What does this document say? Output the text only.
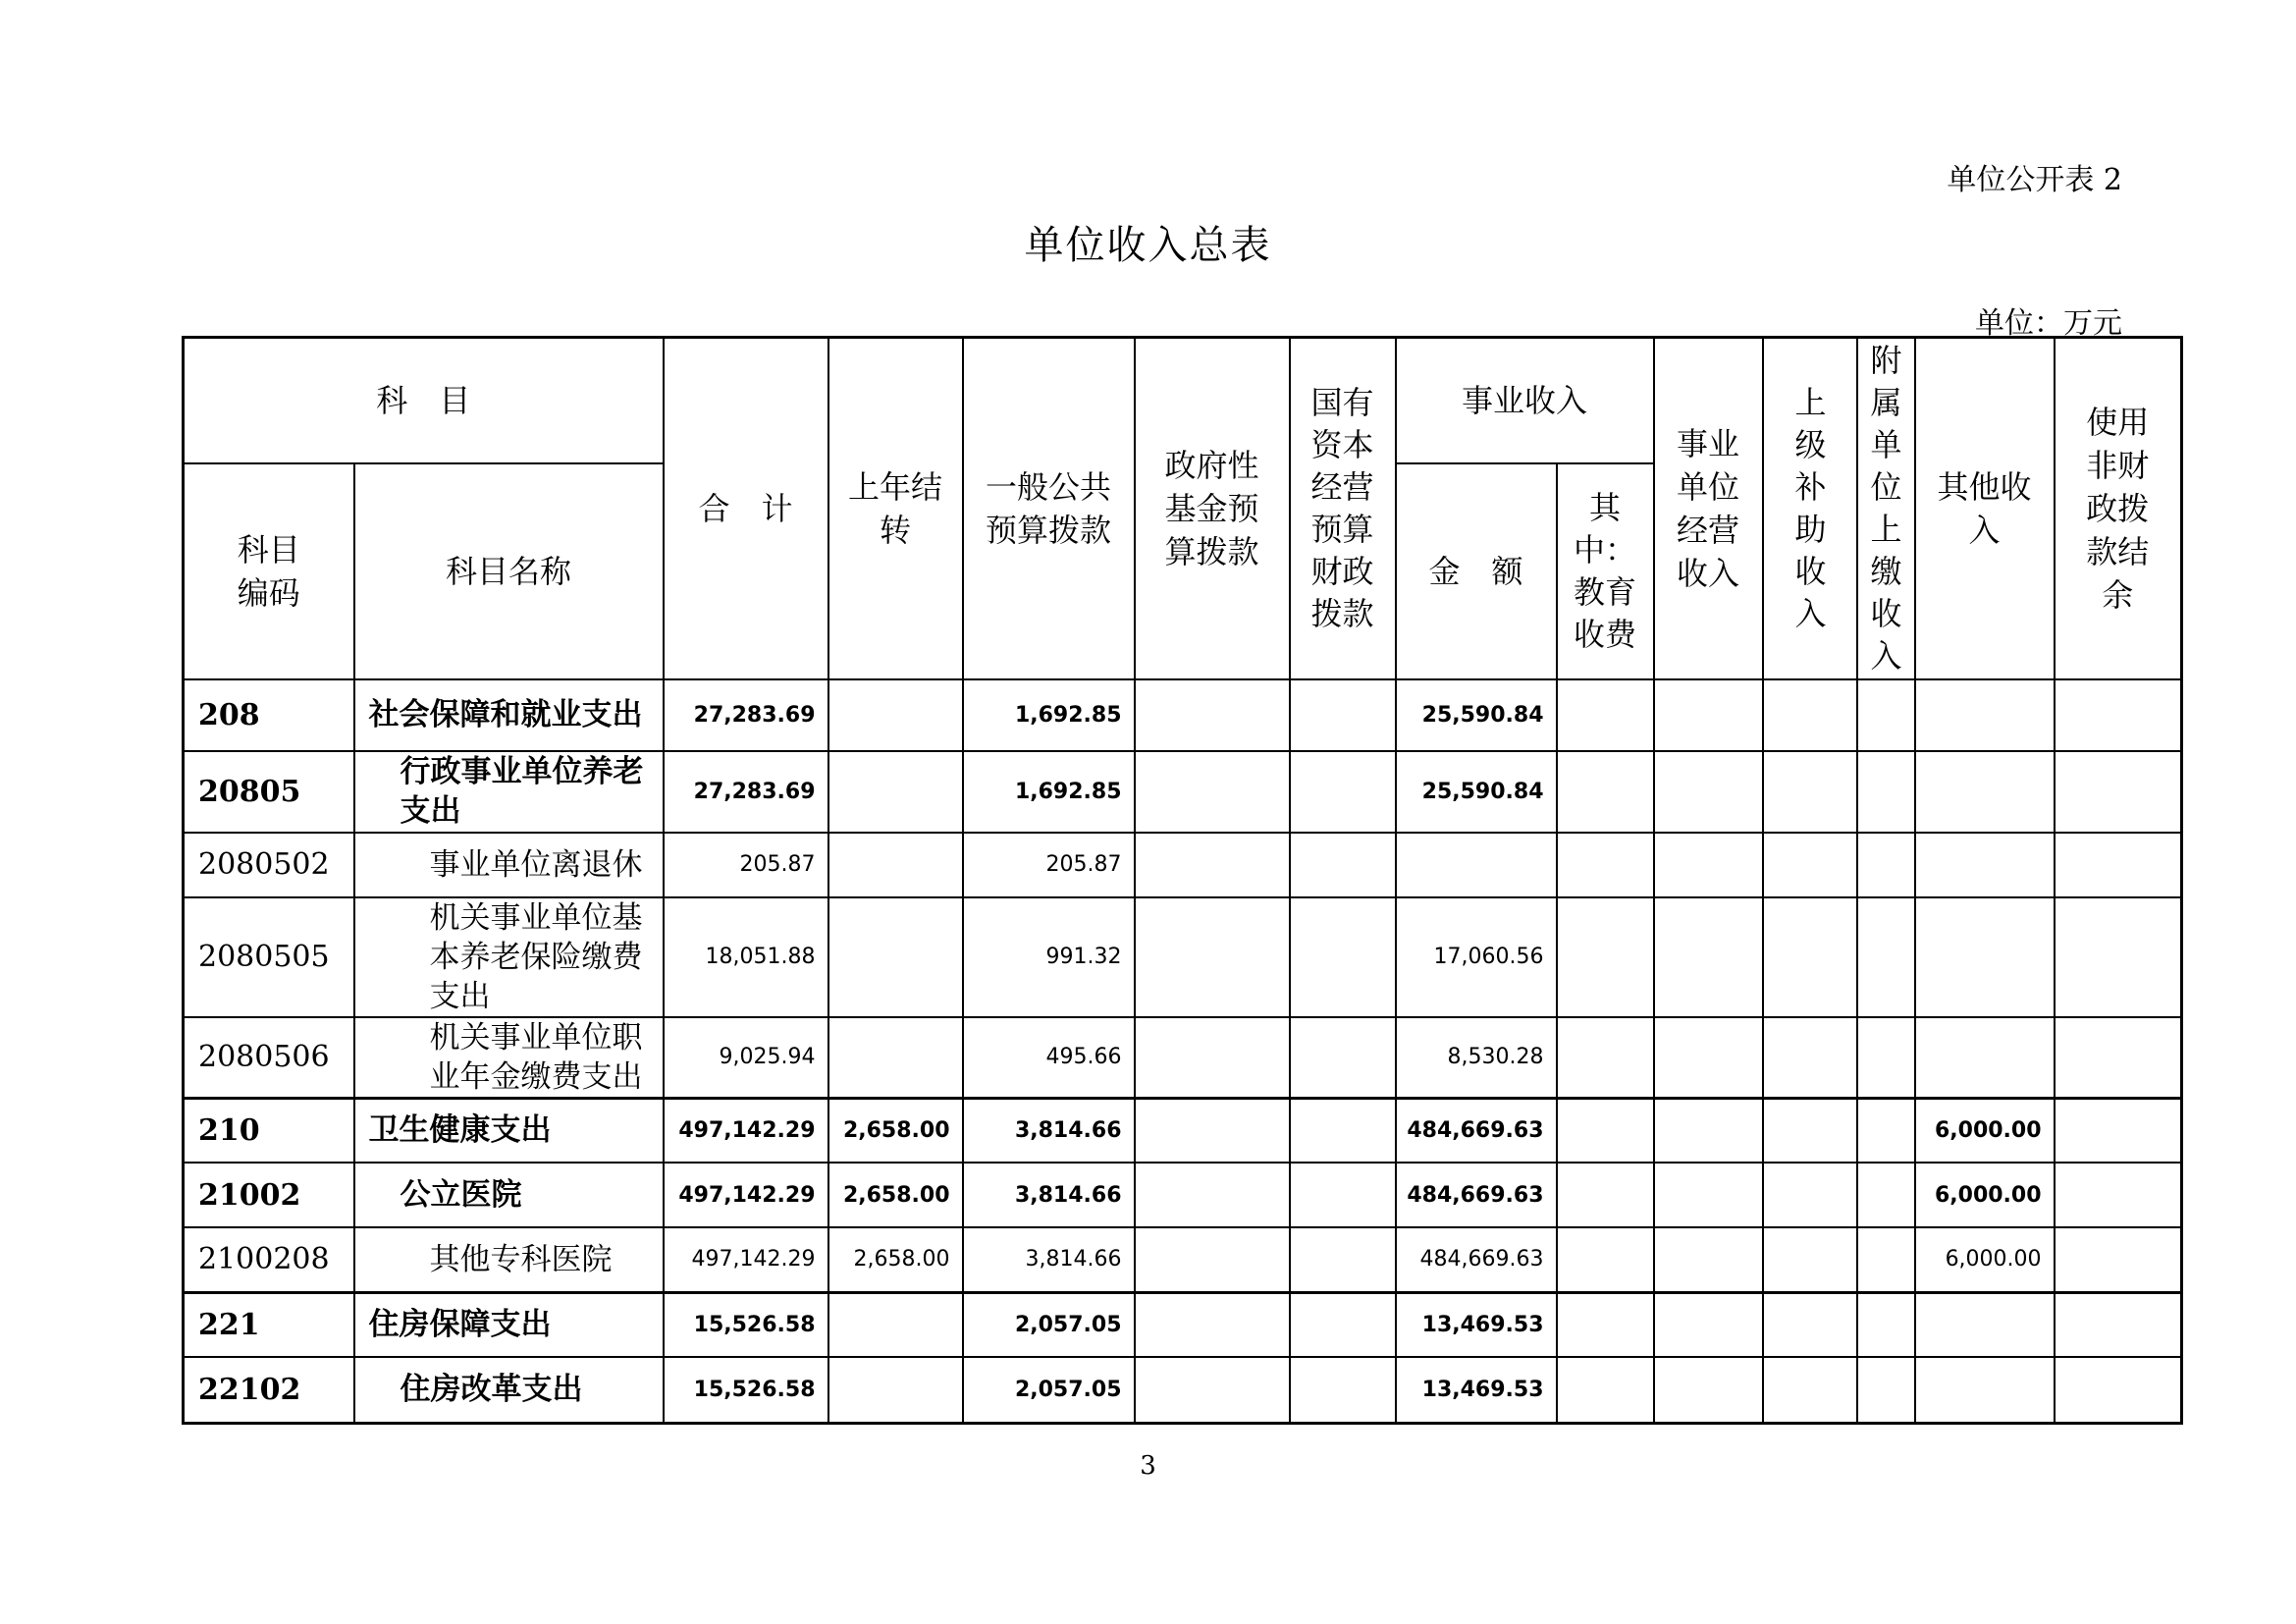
单位公开表 2
单位收入总表
单位：万元
科　目		合　计	上年结转	一般公共预算拨款	政府性基金预算拨款	国有资本经营预算财政拨款	事业收入		事业单位经营收入	上级补助收入	附属单位上缴收入	其他收入	使用非财政拨款结余
科目编码	科目名称						金　额	其中：教育收费					
208	社会保障和就业支出	27,283.69		1,692.85			25,590.84						
20805	行政事业单位养老支出	27,283.69		1,692.85			25,590.84						
2080502	事业单位离退休	205.87		205.87									
2080505	机关事业单位基本养老保险缴费支出	18,051.88		991.32			17,060.56						
2080506	机关事业单位职业年金缴费支出	9,025.94		495.66			8,530.28						
210	卫生健康支出	497,142.29	2,658.00	3,814.66			484,669.63					6,000.00	
21002	公立医院	497,142.29	2,658.00	3,814.66			484,669.63					6,000.00	
2100208	其他专科医院	497,142.29	2,658.00	3,814.66			484,669.63					6,000.00	
221	住房保障支出	15,526.58		2,057.05			13,469.53						
22102	住房改革支出	15,526.58		2,057.05			13,469.53						
3
